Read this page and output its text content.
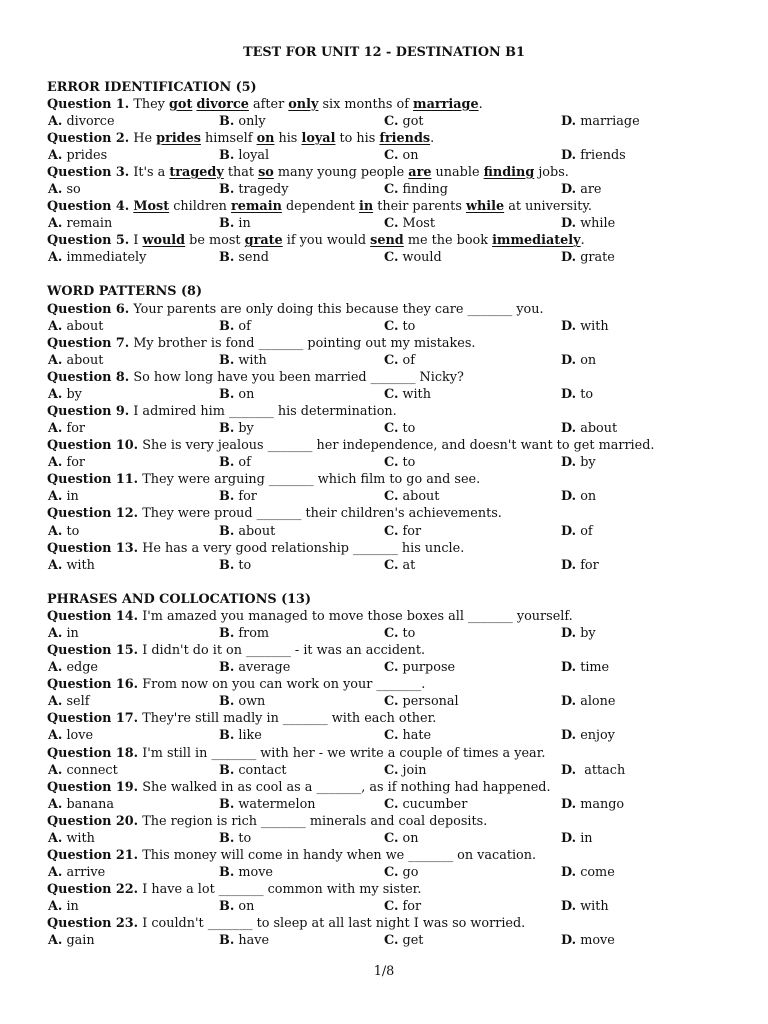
TEST FOR UNIT 12 - DESTINATION B1
ERROR IDENTIFICATION (5)
Question 1. They got divorce after only six months of marriage.
A. divorce	B. only	C. got	D. marriage
Question 2. He prides himself on his loyal to his friends.
A. prides	B. loyal	C. on	D. friends
Question 3. It's a tragedy that so many young people are unable finding jobs.
A. so	B. tragedy	C. finding	D. are
Question 4. Most children remain dependent in their parents while at university.
A. remain	B. in	C. Most	D. while
Question 5. I would be most grate if you would send me the book immediately.
A. immediately	B. send	C. would	D. grate
WORD PATTERNS (8)
Question 6. Your parents are only doing this because they care _______ you.
A. about	B. of	C. to	D. with
Question 7. My brother is fond _______ pointing out my mistakes.
A. about	B. with	C. of	D. on
Question 8. So how long have you been married _______ Nicky?
A. by	B. on	C. with	D. to
Question 9. I admired him _______ his determination.
A. for	B. by	C. to	D. about
Question 10. She is very jealous _______ her independence, and doesn't want to get married.
A. for	B. of	C. to	D. by
Question 11. They were arguing _______ which film to go and see.
A. in	B. for	C. about	D. on
Question 12. They were proud _______ their children's achievements.
A. to	B. about	C. for	D. of
Question 13. He has a very good relationship _______ his uncle.
A. with	B. to	C. at	D. for
PHRASES AND COLLOCATIONS (13)
Question 14. I'm amazed you managed to move those boxes all _______ yourself.
A. in	B. from	C. to	D. by
Question 15. I didn't do it on _______ - it was an accident.
A. edge	B. average	C. purpose	D. time
Question 16. From now on you can work on your _______.
A. self	B. own	C. personal	D. alone
Question 17. They're still madly in _______ with each other.
A. love	B. like	C. hate	D. enjoy
Question 18. I'm still in _______ with her - we write a couple of times a year.
A. connect	B. contact	C. join	D.  attach
Question 19. She walked in as cool as a _______, as if nothing had happened.
A. banana	B. watermelon	C. cucumber	D. mango
Question 20. The region is rich _______ minerals and coal deposits.
A. with	B. to	C. on	D. in
Question 21. This money will come in handy when we _______ on vacation.
A. arrive	B. move	C. go	D. come
Question 22. I have a lot _______ common with my sister.
A. in	B. on	C. for	D. with
Question 23. I couldn't _______ to sleep at all last night I was so worried.
A. gain	B. have	C. get	D. move
1/8
